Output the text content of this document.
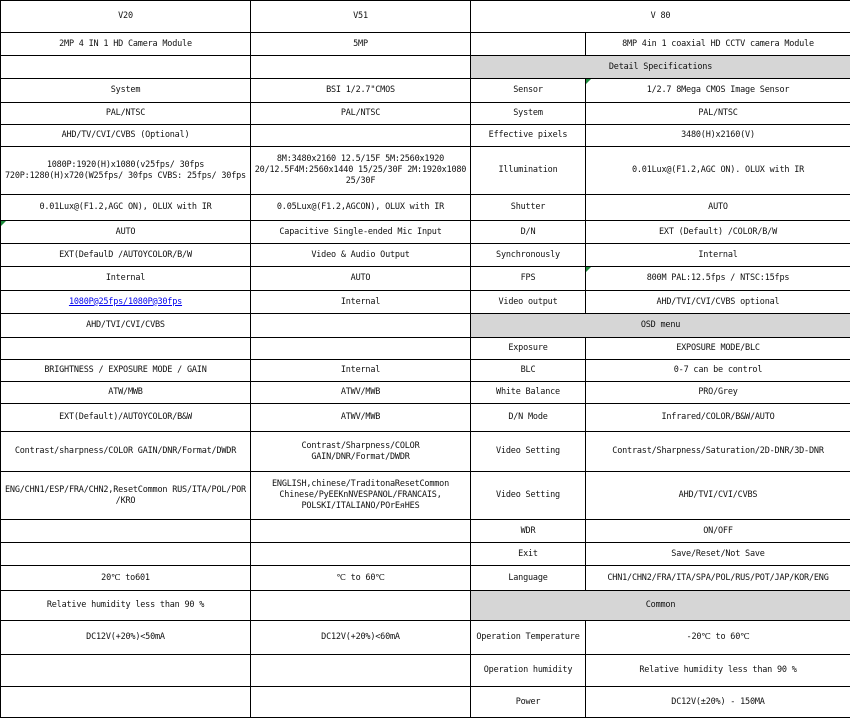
V20	V51	V 80	
2MP 4 IN 1 HD Camera Module	5MP		8MP 4in 1 coaxial HD CCTV camera Module
		Detail Specifications	
System	BSI 1/2.7"CMOS	Sensor	1/2.7 8Mega CMOS Image Sensor
PAL/NTSC	PAL/NTSC	System	PAL/NTSC
AHD/TV/CVI/CVBS (Optional)		Effective pixels	3480(H)x2160(V)
1080P:1920(H)x1080(v25fps/ 30fps 720P:1280(H)x720(W25fps/ 30fps CVBS: 25fps/ 30fps	8M:3480x2160 12.5/15F 5M:2560x1920 20/12.5F4M:2560x1440 15/25/30F 2M:1920x1080 25/30F	Illumination	0.01Lux@(F1.2,AGC ON). OLUX with IR
0.01Lux@(F1.2,AGC ON), OLUX with IR	0.05Lux@(F1.2,AGCON), OLUX with IR	Shutter	AUTO
AUTO	Capacitive Single-ended Mic Input	D/N	EXT (Default) /COLOR/B/W
EXT(DefaulD /AUTOYCOLOR/B/W	Video & Audio Output	Synchronously	Internal
Internal	AUTO	FPS	800M PAL:12.5fps / NTSC:15fps
1080P@25fps/1080P@30fps	Internal	Video output	AHD/TVI/CVI/CVBS optional
AHD/TVI/CVI/CVBS		OSD menu	
		Exposure	EXPOSURE MODE/BLC
BRIGHTNESS / EXPOSURE MODE / GAIN	Internal	BLC	0-7 can be control
ATW/MWB	ATWV/MWB	White Balance	PRO/Grey
EXT(Default)/AUTOYCOLOR/B&W	ATWV/MWB	D/N Mode	Infrared/COLOR/B&W/AUTO
Contrast/sharpness/COLOR GAIN/DNR/Format/DWDR	Contrast/Sharpness/COLOR GAIN/DNR/Format/DWDR	Video Setting	Contrast/Sharpness/Saturation/2D-DNR/3D-DNR
ENG/CHN1/ESP/FRA/CHN2,ResetCommon RUS/ITA/POL/POR /KRO	ENGLISH,chinese/TraditonaResetCommon Chinese/PyEEKnNVESPANOL/FRANCAIS, POLSKI/ITALIANO/POrEᴙHES	Video Setting	AHD/TVI/CVI/CVBS
		WDR	ON/OFF
		Exit	Save/Reset/Not Save
20℃ to601	℃ to 60℃	Language	CHN1/CHN2/FRA/ITA/SPA/POL/RUS/POT/JAP/KOR/ENG
Relative humidity less than 90 %		Common	
DC12V(+20%)<50mA	DC12V(+20%)<60mA	Operation Temperature	-20℃ to 60℃
		Operation humidity	Relative humidity less than 90 %
		Power	DC12V(±20%) - 150MA
